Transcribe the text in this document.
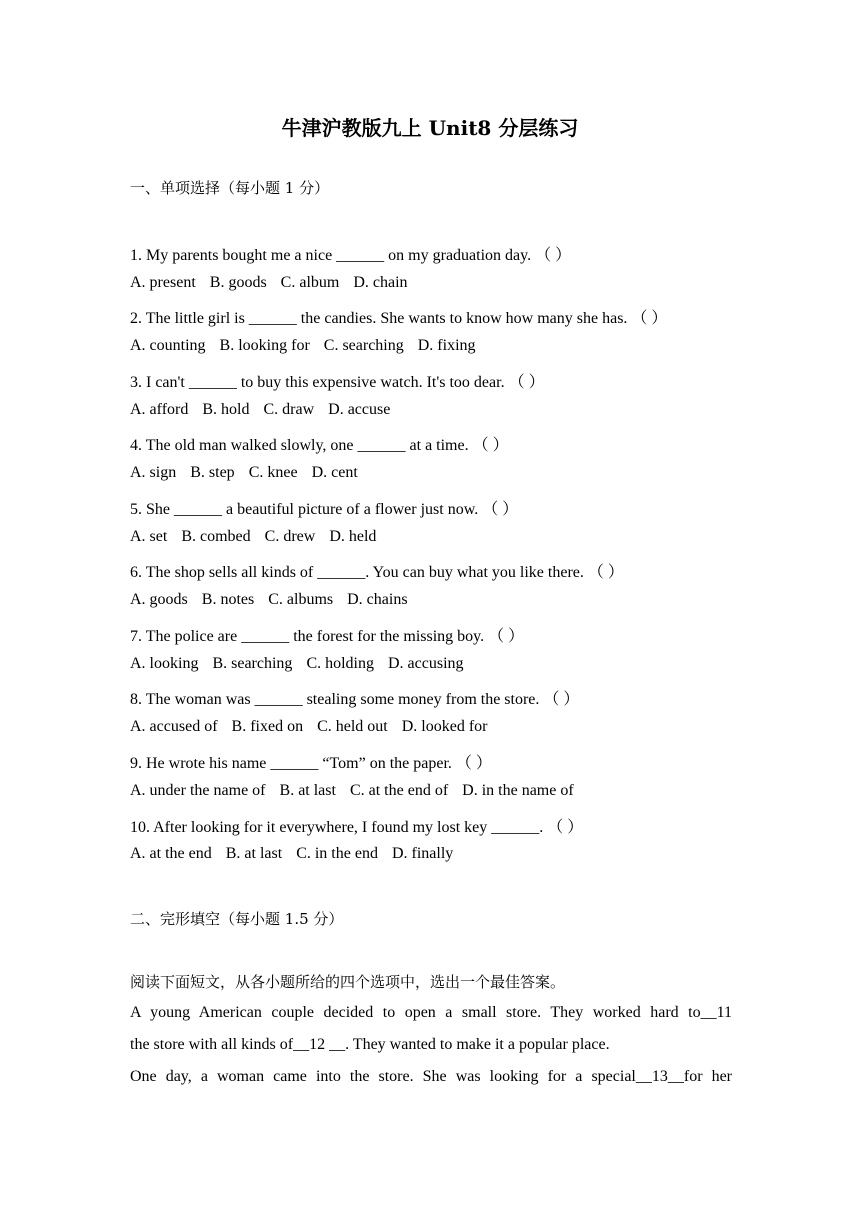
牛津沪教版九上 Unit8 分层练习
一、单项选择（每小题 1 分）
1. My parents bought me a nice ______ on my graduation day. （ ）
A. present B. goods C. album D. chain
2. The little girl is ______ the candies. She wants to know how many she has. （ ）
A. counting B. looking for C. searching D. fixing
3. I can't ______ to buy this expensive watch. It's too dear. （ ）
A. afford B. hold C. draw D. accuse
4. The old man walked slowly, one ______ at a time. （ ）
A. sign B. step C. knee D. cent
5. She ______ a beautiful picture of a flower just now. （ ）
A. set B. combed C. drew D. held
6. The shop sells all kinds of ______. You can buy what you like there. （ ）
A. goods B. notes C. albums D. chains
7. The police are ______ the forest for the missing boy. （ ）
A. looking B. searching C. holding D. accusing
8. The woman was ______ stealing some money from the store. （ ）
A. accused of B. fixed on C. held out D. looked for
9. He wrote his name ______ “Tom” on the paper. （ ）
A. under the name of B. at last C. at the end of D. in the name of
10. After looking for it everywhere, I found my lost key ______. （ ）
A. at the end B. at last C. in the end D. finally
二、完形填空（每小题 1.5 分）
阅读下面短文，从各小题所给的四个选项中，选出一个最佳答案。
A young American couple decided to open a small store. They worked hard to__11
the store with all kinds of__12 __. They wanted to make it a popular place.
One day, a woman came into the store. She was looking for a special__13__for her
